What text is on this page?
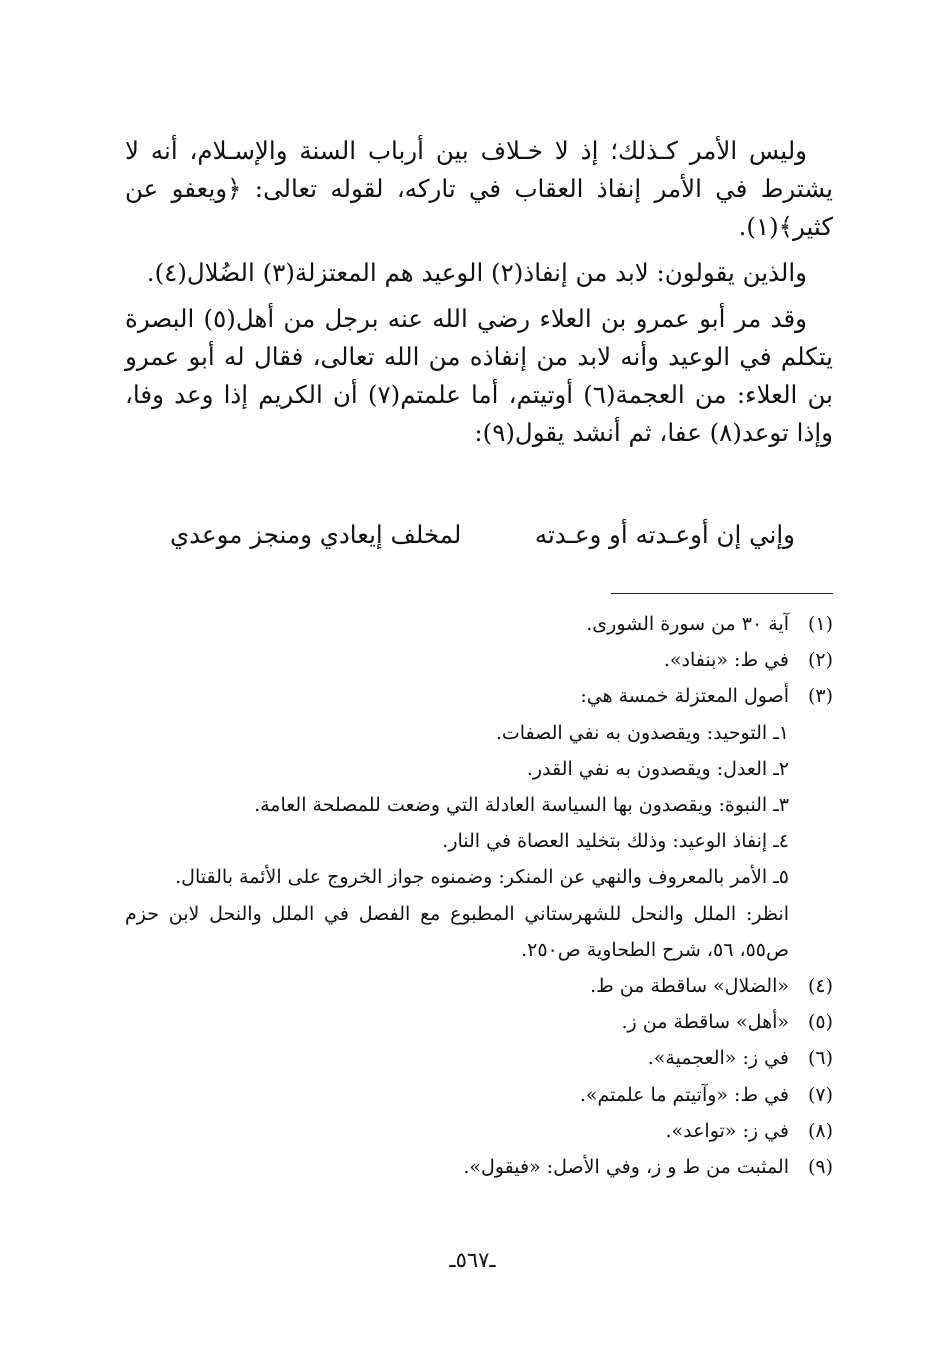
وليس الأمر كـذلك؛ إذ لا خـلاف بين أرباب السنة والإسـلام، أنه لا يشترط في الأمر إنفاذ العقاب في تاركه، لقوله تعالى: ﴿ويعفو عن كثير﴾(١).

والذين يقولون: لابد من إنفاذ(٢) الوعيد هم المعتزلة(٣) الضُلال(٤).

وقد مر أبو عمرو بن العلاء رضي الله عنه برجل من أهل(٥) البصرة يتكلم في الوعيد وأنه لابد من إنفاذه من الله تعالى، فقال له أبو عمرو بن العلاء: من العجمة(٦) أوتيتم، أما علمتم(٧) أن الكريم إذا وعد وفا، وإذا توعد(٨) عفا، ثم أنشد يقول(٩):

وإني إن أوعـدته أو وعـدته
لمخلف إيعادي ومنجز موعدي
(١)
آية ٣٠ من سورة الشورى.
(٢)
في ط: «بنفاد».
(٣)
أصول المعتزلة خمسة هي:
١ـ التوحيد: ويقصدون به نفي الصفات.
٢ـ العدل: ويقصدون به نفي القدر.
٣ـ النبوة: ويقصدون بها السياسة العادلة التي وضعت للمصلحة العامة.
٤ـ إنفاذ الوعيد: وذلك بتخليد العصاة في النار.
٥ـ الأمر بالمعروف والنهي عن المنكر: وضمنوه جواز الخروج على الأئمة بالقتال.
انظر: الملل والنحل للشهرستاني المطبوع مع الفصل في الملل والنحل لابن حزم ص٥٥، ٥٦، شرح الطحاوية ص٢٥٠.
(٤)
«الضلال» ساقطة من ط.
(٥)
«أهل» ساقطة من ز.
(٦)
في ز: «العجمية».
(٧)
في ط: «وآتيتم ما علمتم».
(٨)
في ز: «تواعد».
(٩)
المثبت من ط و ز، وفي الأصل: «فيقول».
ـ٥٦٧ـ
